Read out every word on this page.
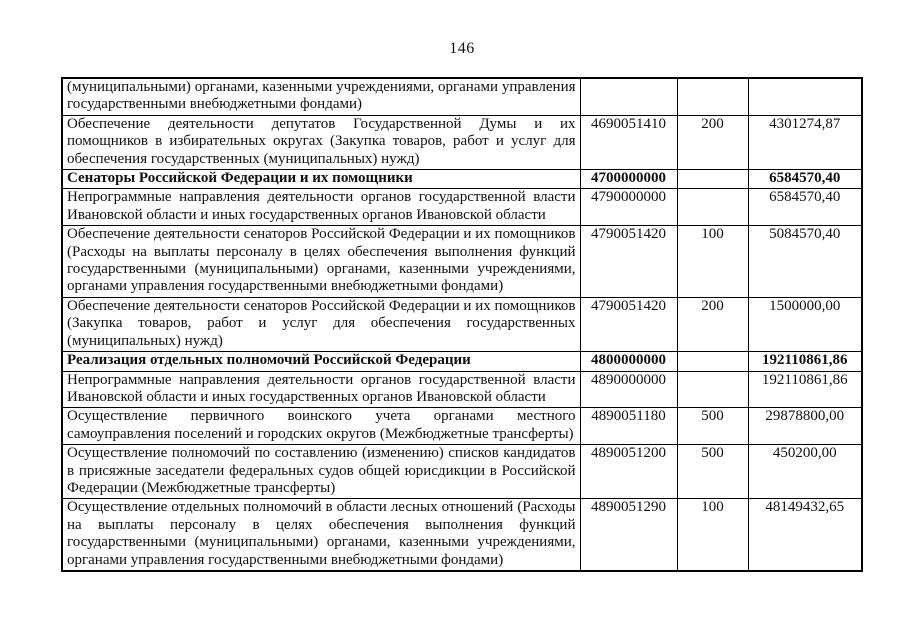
146
(муниципальными) органами, казенными учреждениями, органами управления государственными внебюджетными фондами)			
Обеспечение деятельности депутатов Государственной Думы и их помощников в избирательных округах (Закупка товаров, работ и услуг для обеспечения государственных (муниципальных) нужд)	4690051410	200	4301274,87
Сенаторы Российской Федерации и их помощники	4700000000		6584570,40
Непрограммные направления деятельности органов государственной власти Ивановской области и иных государственных органов Ивановской области	4790000000		6584570,40
Обеспечение деятельности сенаторов Российской Федерации и их помощников (Расходы на выплаты персоналу в целях обеспечения выполнения функций государственными (муниципальными) органами, казенными учреждениями, органами управления государственными внебюджетными фондами)	4790051420	100	5084570,40
Обеспечение деятельности сенаторов Российской Федерации и их помощников (Закупка товаров, работ и услуг для обеспечения государственных (муниципальных) нужд)	4790051420	200	1500000,00
Реализация отдельных полномочий Российской Федерации	4800000000		192110861,86
Непрограммные направления деятельности органов государственной власти Ивановской области и иных государственных органов Ивановской области	4890000000		192110861,86
Осуществление первичного воинского учета органами местного самоуправления поселений и городских округов (Межбюджетные трансферты)	4890051180	500	29878800,00
Осуществление полномочий по составлению (изменению) списков кандидатов в присяжные заседатели федеральных судов общей юрисдикции в Российской Федерации (Межбюджетные трансферты)	4890051200	500	450200,00
Осуществление отдельных полномочий в области лесных отношений (Расходы на выплаты персоналу в целях обеспечения выполнения функций государственными (муниципальными) органами, казенными учреждениями, органами управления государственными внебюджетными фондами)	4890051290	100	48149432,65
